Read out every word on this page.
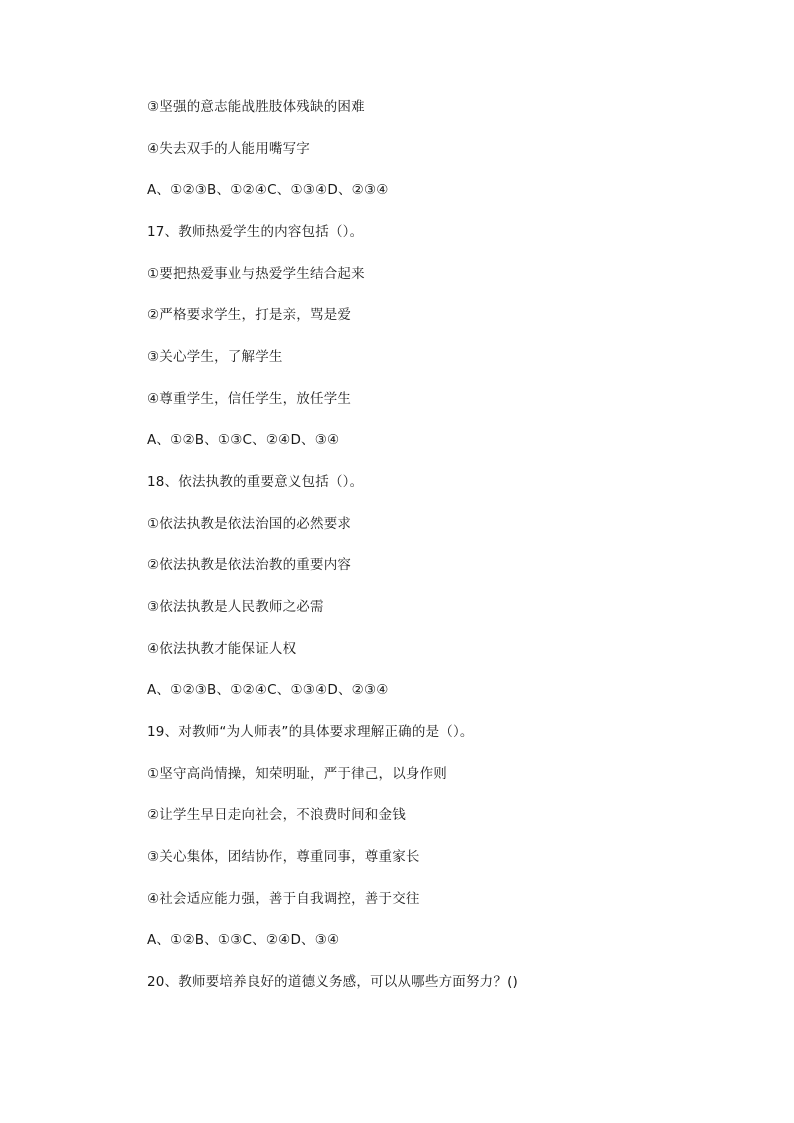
③坚强的意志能战胜肢体残缺的困难
④失去双手的人能用嘴写字
A、①②③B、①②④C、①③④D、②③④
17、教师热爱学生的内容包括（）。
①要把热爱事业与热爱学生结合起来
②严格要求学生，打是亲，骂是爱
③关心学生，了解学生
④尊重学生，信任学生，放任学生
A、①②B、①③C、②④D、③④
18、依法执教的重要意义包括（）。
①依法执教是依法治国的必然要求
②依法执教是依法治教的重要内容
③依法执教是人民教师之必需
④依法执教才能保证人权
A、①②③B、①②④C、①③④D、②③④
19、对教师“为人师表”的具体要求理解正确的是（）。
①坚守高尚情操，知荣明耻，严于律己，以身作则
②让学生早日走向社会，不浪费时间和金钱
③关心集体，团结协作，尊重同事，尊重家长
④社会适应能力强，善于自我调控，善于交往
A、①②B、①③C、②④D、③④
20、教师要培养良好的道德义务感，可以从哪些方面努力？()
